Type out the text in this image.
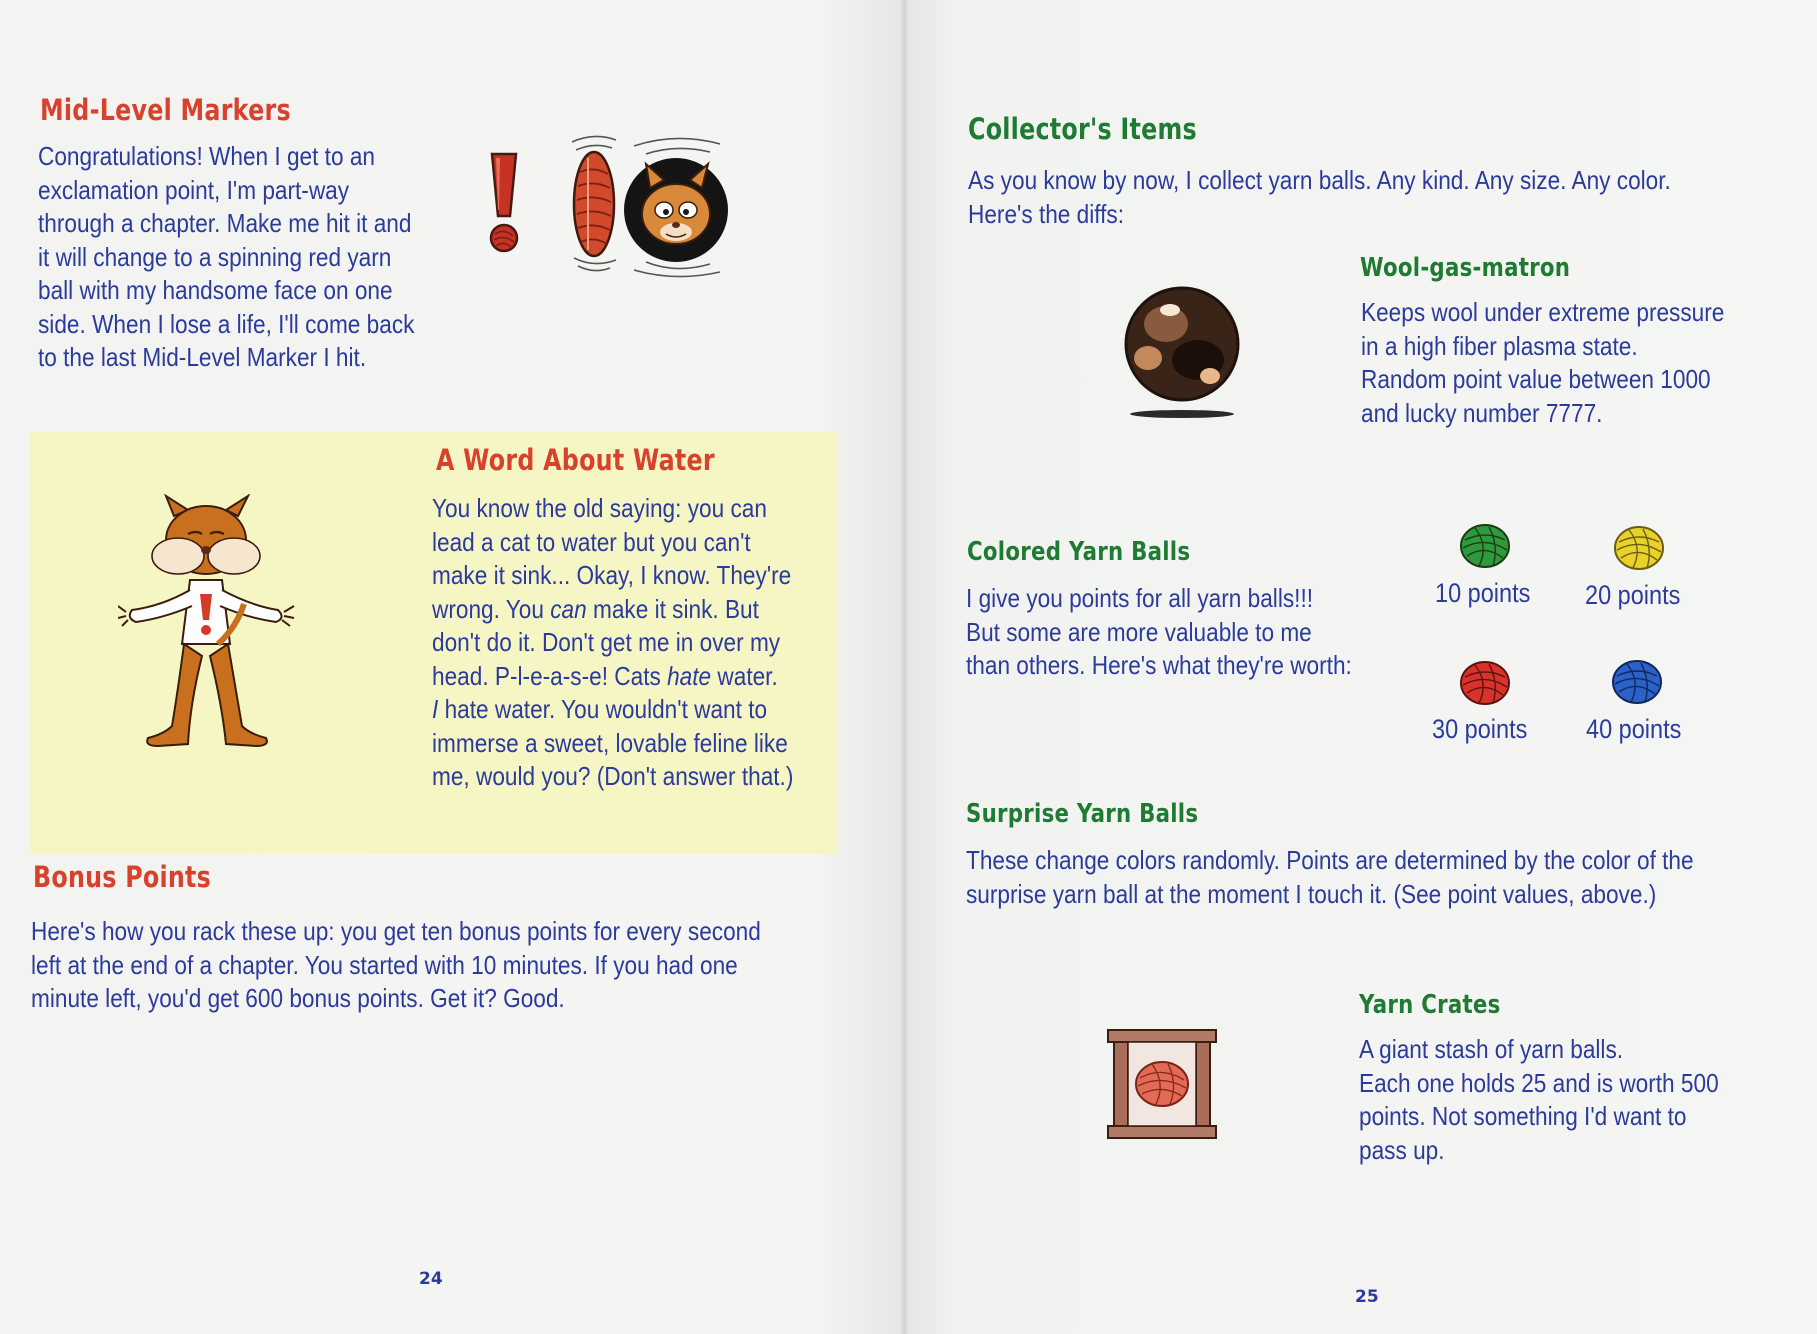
Mid-Level Markers
Congratulations! When I get to an
exclamation point, I'm part-way
through a chapter. Make me hit it and
it will change to a spinning red yarn
ball with my handsome face on one
side. When I lose a life, I'll come back
to the last Mid-Level Marker I hit.
A Word About Water
You know the old saying: you can
lead a cat to water but you can't
make it sink... Okay, I know. They're
wrong. You can make it sink. But
don't do it. Don't get me in over my
head. P-l-e-a-s-e! Cats hate water.
I hate water. You wouldn't want to
immerse a sweet, lovable feline like
me, would you? (Don't answer that.)
Bonus Points
Here's how you rack these up: you get ten bonus points for every second
left at the end of a chapter. You started with 10 minutes. If you had one
minute left, you'd get 600 bonus points. Get it? Good.

24

Collector's Items
As you know by now, I collect yarn balls. Any kind. Any size. Any color.
Here's the diffs:
Wool-gas-matron
Keeps wool under extreme pressure
in a high fiber plasma state.
Random point value between 1000
and lucky number 7777.
Colored Yarn Balls
I give you points for all yarn balls!!!
But some are more valuable to me
than others. Here's what they're worth:

10 points 20 points

30 points 40 points

Surprise Yarn Balls
These change colors randomly. Points are determined by the color of the
surprise yarn ball at the moment I touch it. (See point values, above.)
Yarn Crates
A giant stash of yarn balls.
Each one holds 25 and is worth 500
points. Not something I'd want to
pass up.

25
